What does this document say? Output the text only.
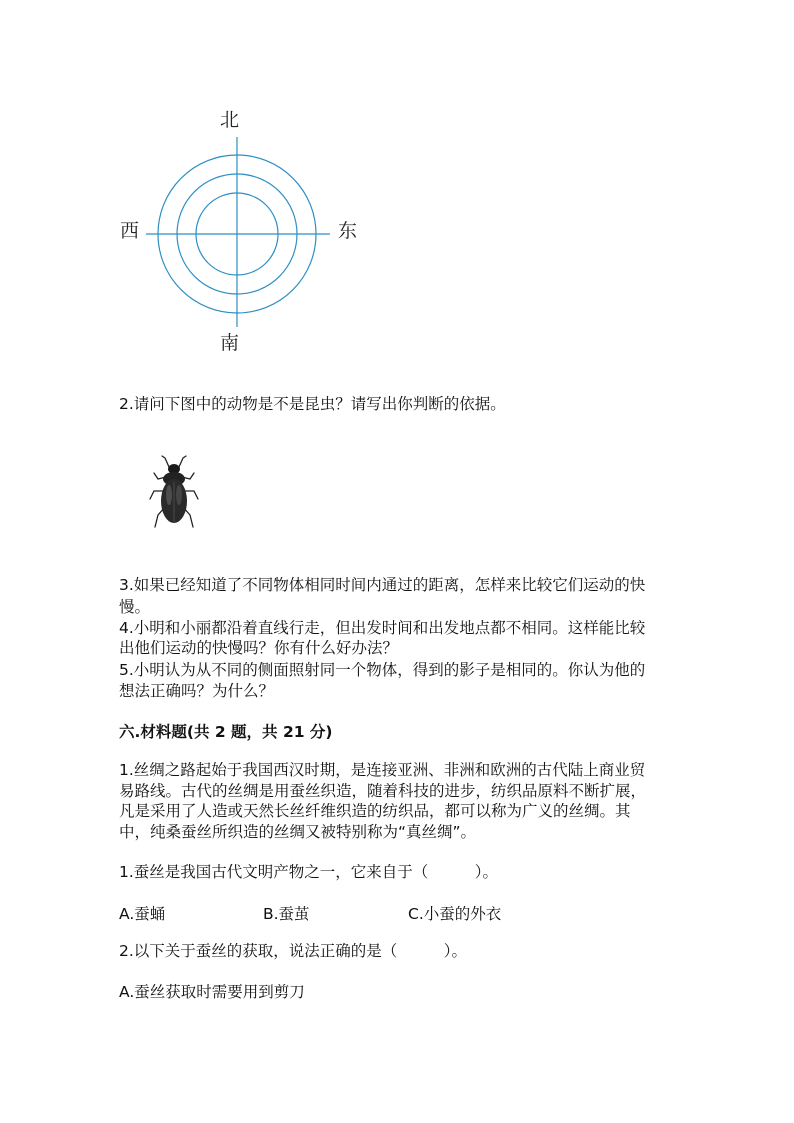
北
西	东
南
2.请问下图中的动物是不是昆虫？请写出你判断的依据。
3.如果已经知道了不同物体相同时间内通过的距离，怎样来比较它们运动的快
慢。
4.小明和小丽都沿着直线行走，但出发时间和出发地点都不相同。这样能比较
出他们运动的快慢吗？你有什么好办法？
5.小明认为从不同的侧面照射同一个物体，得到的影子是相同的。你认为他的
想法正确吗？为什么？
六.材料题(共 2 题，共 21 分)
1.丝绸之路起始于我国西汉时期，是连接亚洲、非洲和欧洲的古代陆上商业贸
易路线。古代的丝绸是用蚕丝织造，随着科技的进步，纺织品原料不断扩展，
凡是采用了人造或天然长丝纤维织造的纺织品，都可以称为广义的丝绸。其
中，纯桑蚕丝所织造的丝绸又被特别称为“真丝绸”。
1.蚕丝是我国古代文明产物之一，它来自于（　　　）。
A.蚕蛹	B.蚕茧	C.小蚕的外衣
2.以下关于蚕丝的获取，说法正确的是（　　　）。
A.蚕丝获取时需要用到剪刀
